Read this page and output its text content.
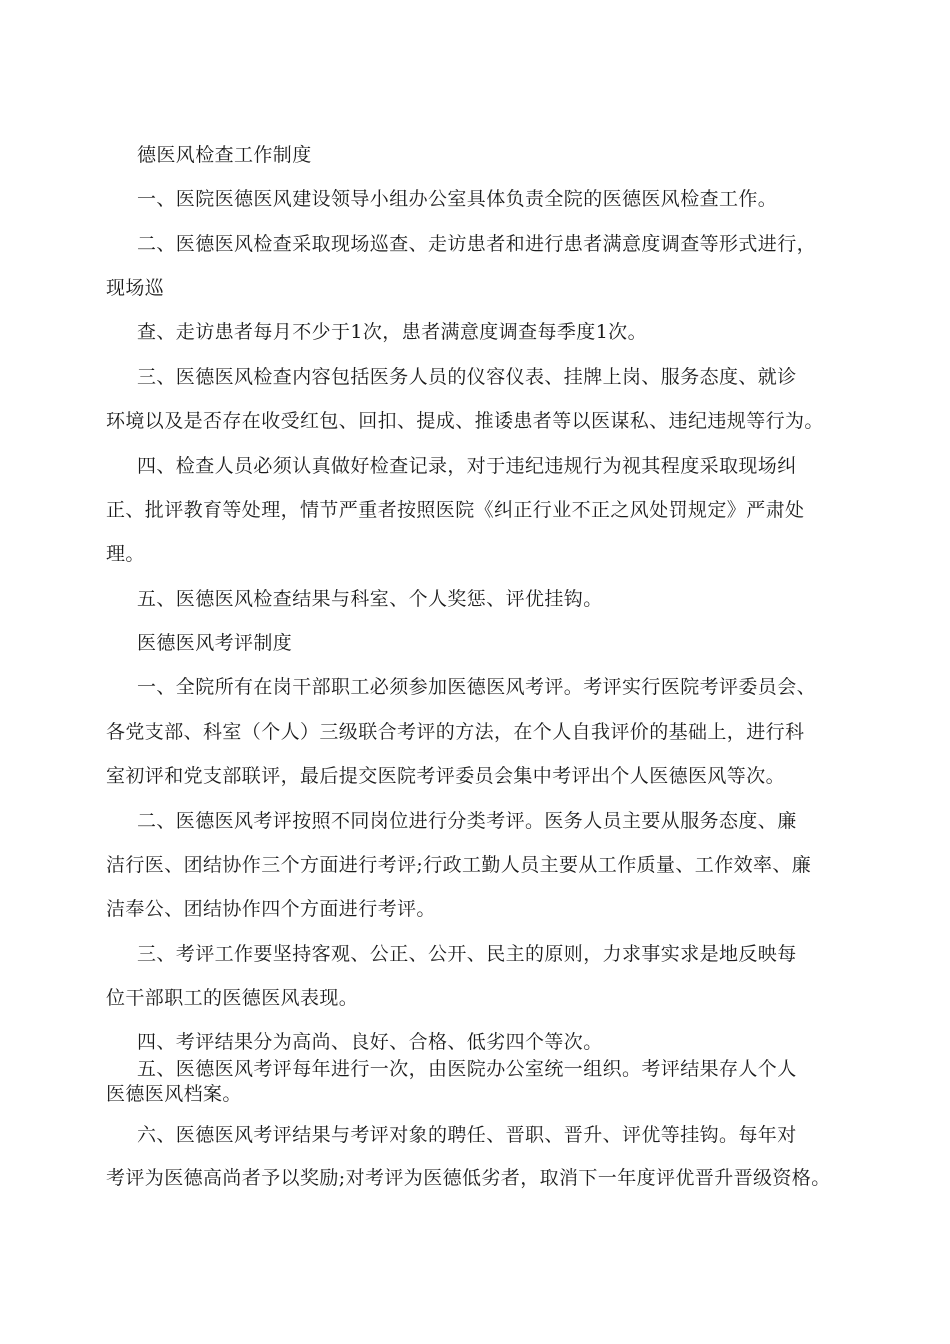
德医风检查工作制度
一、医院医德医风建设领导小组办公室具体负责全院的医德医风检查工作。
二、医德医风检查采取现场巡查、走访患者和进行患者满意度调查等形式进行，
现场巡
查、走访患者每月不少于1次，患者满意度调查每季度1次。
三、医德医风检查内容包括医务人员的仪容仪表、挂牌上岗、服务态度、就诊
环境以及是否存在收受红包、回扣、提成、推诿患者等以医谋私、违纪违规等行为。
四、检查人员必须认真做好检查记录，对于违纪违规行为视其程度采取现场纠
正、批评教育等处理，情节严重者按照医院《纠正行业不正之风处罚规定》严肃处
理。
五、医德医风检查结果与科室、个人奖惩、评优挂钩。
医德医风考评制度
一、全院所有在岗干部职工必须参加医德医风考评。考评实行医院考评委员会、
各党支部、科室（个人）三级联合考评的方法，在个人自我评价的基础上，进行科
室初评和党支部联评，最后提交医院考评委员会集中考评出个人医德医风等次。
二、医德医风考评按照不同岗位进行分类考评。医务人员主要从服务态度、廉
洁行医、团结协作三个方面进行考评;行政工勤人员主要从工作质量、工作效率、廉
洁奉公、团结协作四个方面进行考评。
三、考评工作要坚持客观、公正、公开、民主的原则，力求事实求是地反映每
位干部职工的医德医风表现。
四、考评结果分为高尚、良好、合格、低劣四个等次。
五、医德医风考评每年进行一次，由医院办公室统一组织。考评结果存人个人
医德医风档案。
六、医德医风考评结果与考评对象的聘任、晋职、晋升、评优等挂钩。每年对
考评为医德高尚者予以奖励;对考评为医德低劣者，取消下一年度评优晋升晋级资格。
